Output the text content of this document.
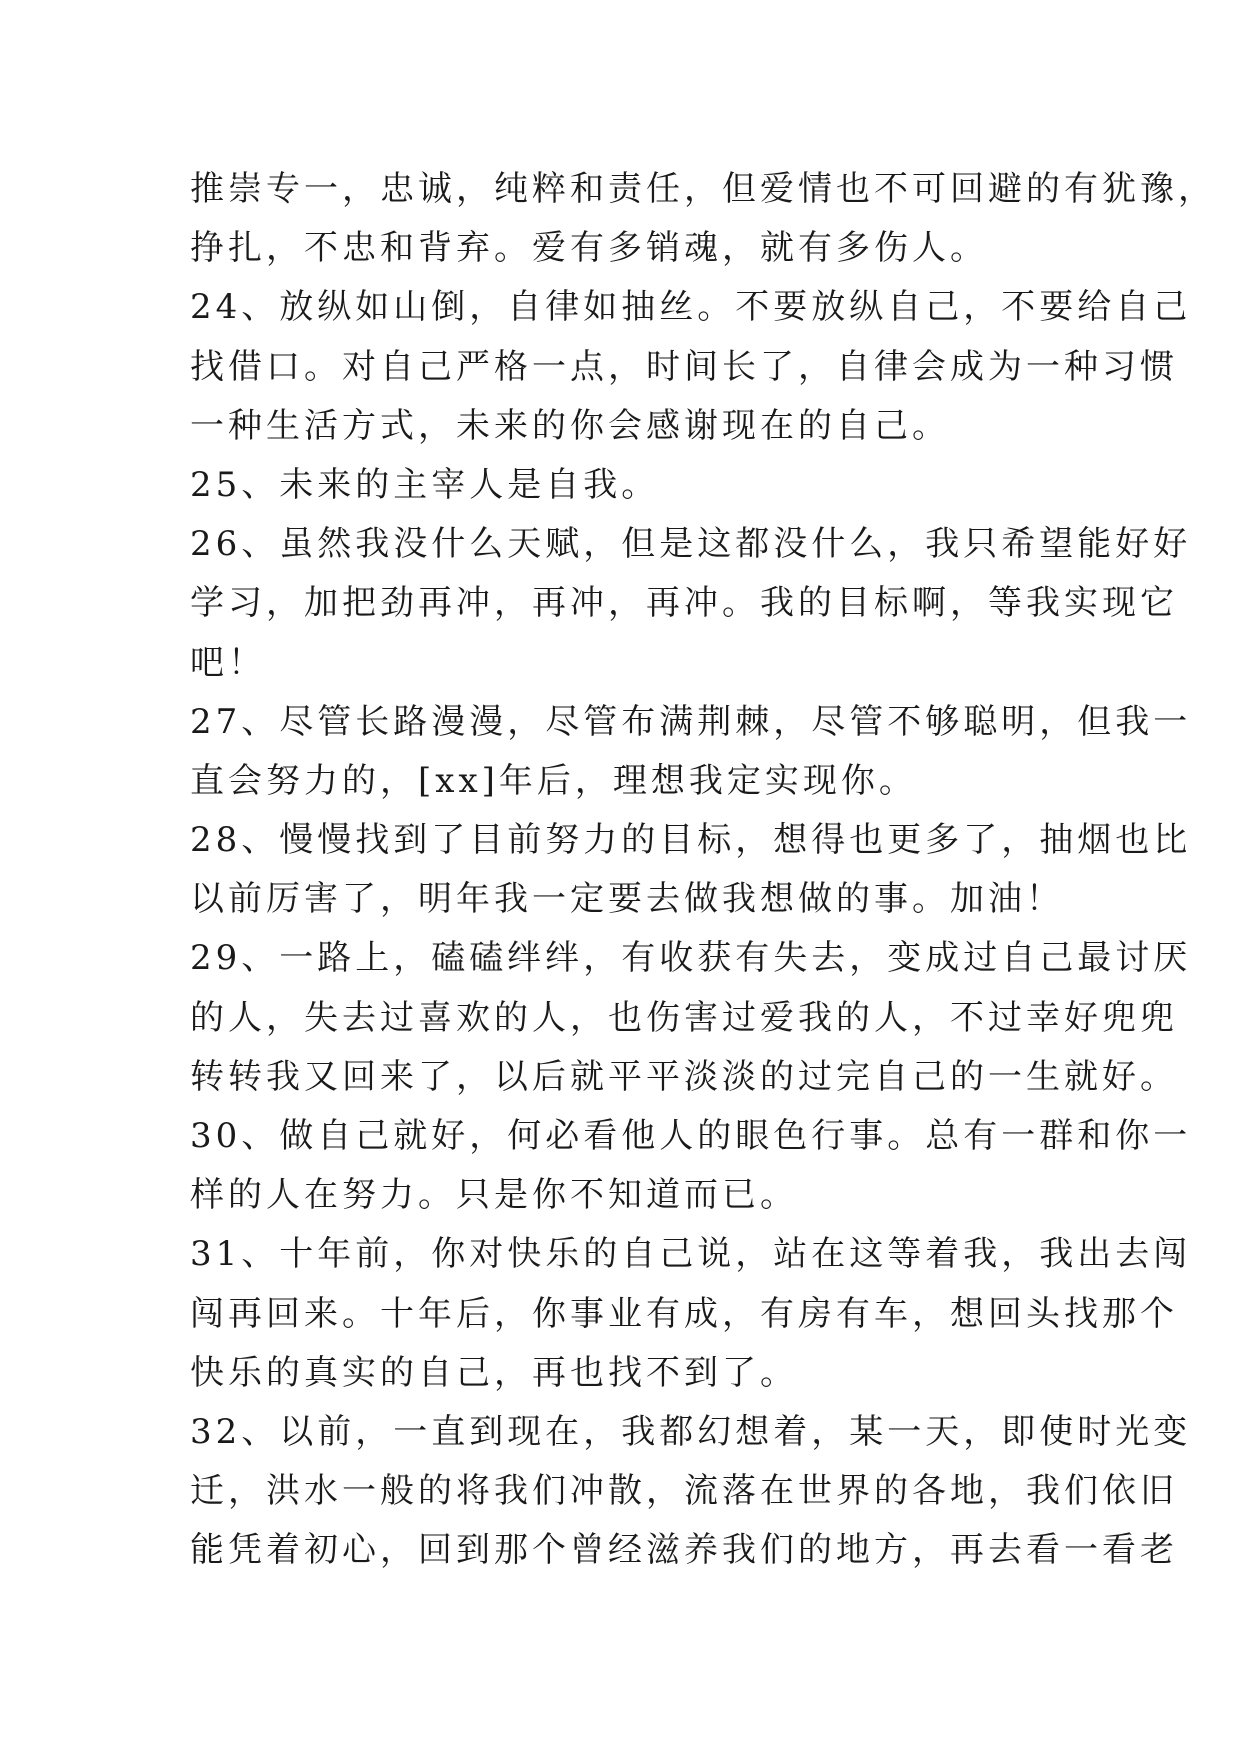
推崇专一，忠诚，纯粹和责任，但爱情也不可回避的有犹豫，
挣扎，不忠和背弃。爱有多销魂，就有多伤人。
24、放纵如山倒，自律如抽丝。不要放纵自己，不要给自己
找借口。对自己严格一点，时间长了，自律会成为一种习惯
一种生活方式，未来的你会感谢现在的自己。
25、未来的主宰人是自我。
26、虽然我没什么天赋，但是这都没什么，我只希望能好好
学习，加把劲再冲，再冲，再冲。我的目标啊，等我实现它
吧！
27、尽管长路漫漫，尽管布满荆棘，尽管不够聪明，但我一
直会努力的，[xx]年后，理想我定实现你。
28、慢慢找到了目前努力的目标，想得也更多了，抽烟也比
以前厉害了，明年我一定要去做我想做的事。加油！
29、一路上，磕磕绊绊，有收获有失去，变成过自己最讨厌
的人，失去过喜欢的人，也伤害过爱我的人，不过幸好兜兜
转转我又回来了，以后就平平淡淡的过完自己的一生就好。
30、做自己就好，何必看他人的眼色行事。总有一群和你一
样的人在努力。只是你不知道而已。
31、十年前，你对快乐的自己说，站在这等着我，我出去闯
闯再回来。十年后，你事业有成，有房有车，想回头找那个
快乐的真实的自己，再也找不到了。
32、以前，一直到现在，我都幻想着，某一天，即使时光变
迁，洪水一般的将我们冲散，流落在世界的各地，我们依旧
能凭着初心，回到那个曾经滋养我们的地方，再去看一看老
